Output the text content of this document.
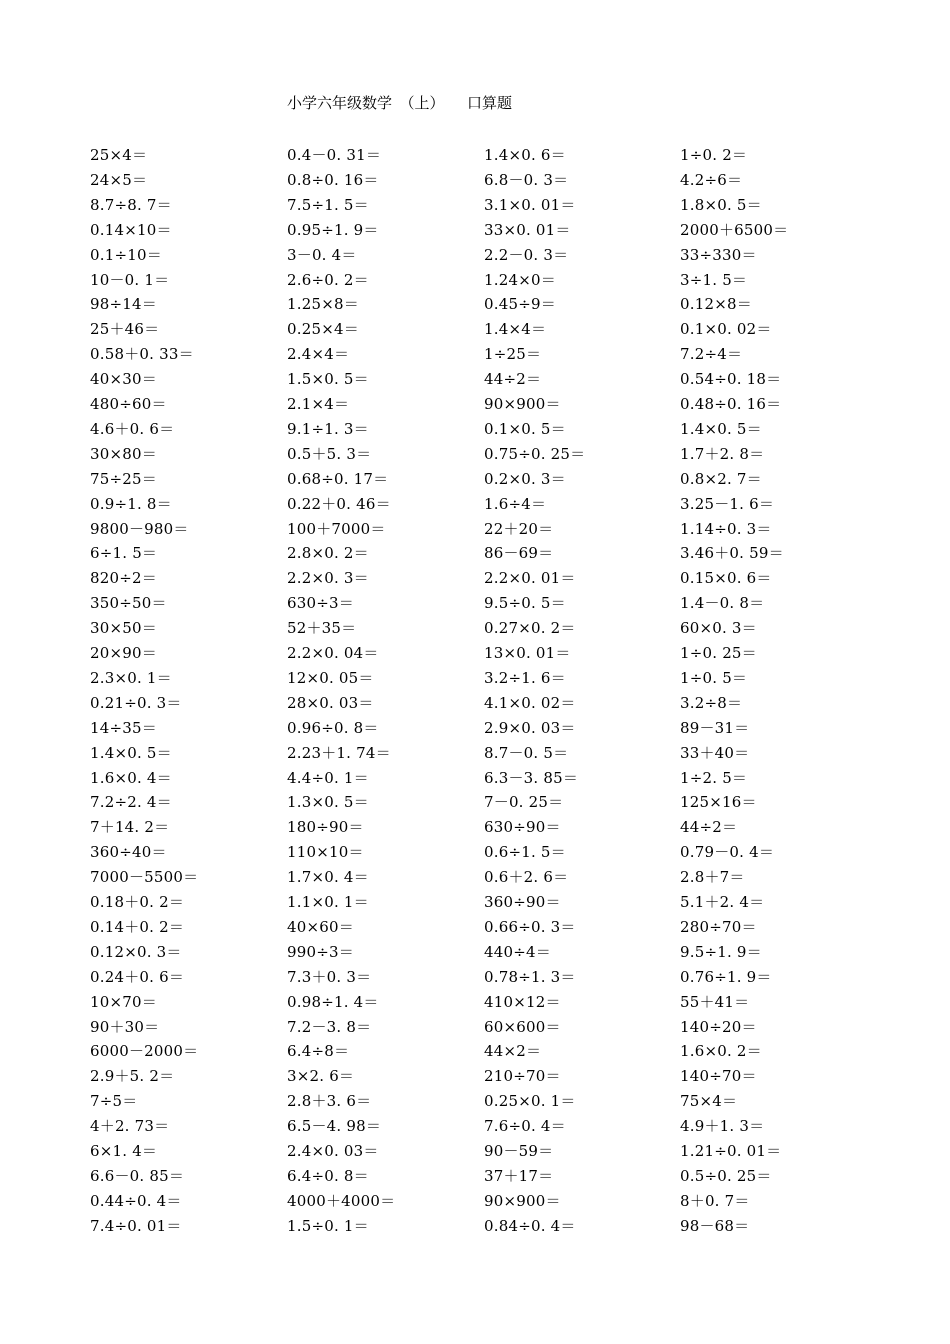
小学六年级数学　（上）　　口算题
25×4＝
24×5＝
8.7÷8. 7＝
0.14×10＝
0.1÷10＝
10－0. 1＝
98÷14＝
25＋46＝
0.58＋0. 33＝
40×30＝
480÷60＝
4.6＋0. 6＝
30×80＝
75÷25＝
0.9÷1. 8＝
9800－980＝
6÷1. 5＝
820÷2＝
350÷50＝
30×50＝
20×90＝
2.3×0. 1＝
0.21÷0. 3＝
14÷35＝
1.4×0. 5＝
1.6×0. 4＝
7.2÷2. 4＝
7＋14. 2＝
360÷40＝
7000－5500＝
0.18＋0. 2＝
0.14＋0. 2＝
0.12×0. 3＝
0.24＋0. 6＝
10×70＝
90＋30＝
6000－2000＝
2.9＋5. 2＝
7÷5＝
4＋2. 73＝
6×1. 4＝
6.6－0. 85＝
0.44÷0. 4＝
7.4÷0. 01＝
0.4－0. 31＝
0.8÷0. 16＝
7.5÷1. 5＝
0.95÷1. 9＝
3－0. 4＝
2.6÷0. 2＝
1.25×8＝
0.25×4＝
2.4×4＝
1.5×0. 5＝
2.1×4＝
9.1÷1. 3＝
0.5＋5. 3＝
0.68÷0. 17＝
0.22＋0. 46＝
100＋7000＝
2.8×0. 2＝
2.2×0. 3＝
630÷3＝
52＋35＝
2.2×0. 04＝
12×0. 05＝
28×0. 03＝
0.96÷0. 8＝
2.23＋1. 74＝
4.4÷0. 1＝
1.3×0. 5＝
180÷90＝
110×10＝
1.7×0. 4＝
1.1×0. 1＝
40×60＝
990÷3＝
7.3＋0. 3＝
0.98÷1. 4＝
7.2－3. 8＝
6.4÷8＝
3×2. 6＝
2.8＋3. 6＝
6.5－4. 98＝
2.4×0. 03＝
6.4÷0. 8＝
4000＋4000＝
1.5÷0. 1＝
1.4×0. 6＝
6.8－0. 3＝
3.1×0. 01＝
33×0. 01＝
2.2－0. 3＝
1.24×0＝
0.45÷9＝
1.4×4＝
1÷25＝
44÷2＝
90×900＝
0.1×0. 5＝
0.75÷0. 25＝
0.2×0. 3＝
1.6÷4＝
22＋20＝
86－69＝
2.2×0. 01＝
9.5÷0. 5＝
0.27×0. 2＝
13×0. 01＝
3.2÷1. 6＝
4.1×0. 02＝
2.9×0. 03＝
8.7－0. 5＝
6.3－3. 85＝
7－0. 25＝
630÷90＝
0.6÷1. 5＝
0.6＋2. 6＝
360÷90＝
0.66÷0. 3＝
440÷4＝
0.78÷1. 3＝
410×12＝
60×600＝
44×2＝
210÷70＝
0.25×0. 1＝
7.6÷0. 4＝
90－59＝
37＋17＝
90×900＝
0.84÷0. 4＝
1÷0. 2＝
4.2÷6＝
1.8×0. 5＝
2000＋6500＝
33÷330＝
3÷1. 5＝
0.12×8＝
0.1×0. 02＝
7.2÷4＝
0.54÷0. 18＝
0.48÷0. 16＝
1.4×0. 5＝
1.7＋2. 8＝
0.8×2. 7＝
3.25－1. 6＝
1.14÷0. 3＝
3.46＋0. 59＝
0.15×0. 6＝
1.4－0. 8＝
60×0. 3＝
1÷0. 25＝
1÷0. 5＝
3.2÷8＝
89－31＝
33＋40＝
1÷2. 5＝
125×16＝
44÷2＝
0.79－0. 4＝
2.8＋7＝
5.1＋2. 4＝
280÷70＝
9.5÷1. 9＝
0.76÷1. 9＝
55＋41＝
140÷20＝
1.6×0. 2＝
140÷70＝
75×4＝
4.9＋1. 3＝
1.21÷0. 01＝
0.5÷0. 25＝
8＋0. 7＝
98－68＝
